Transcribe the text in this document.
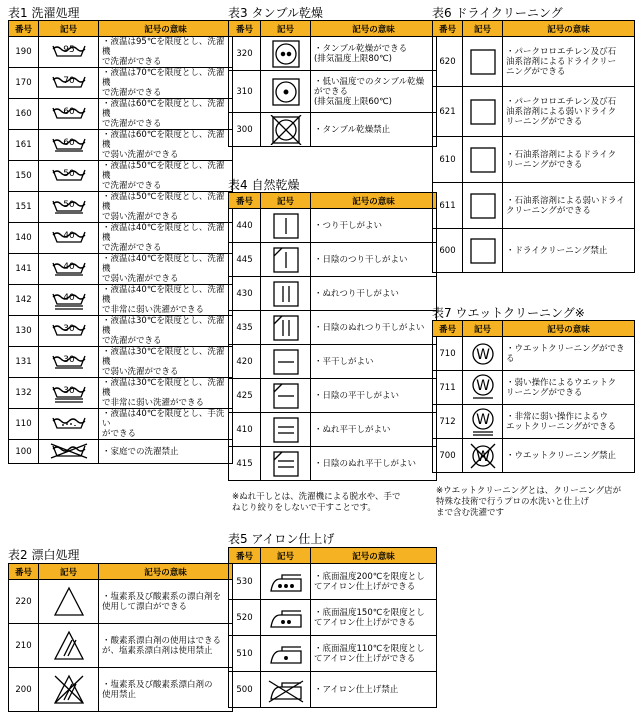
表1 洗濯処理
番号	記号	記号の意味
190	95	・液温は95℃を限度とし、洗濯機
で洗濯ができる

170	70	・液温は70℃を限度とし、洗濯機
で洗濯ができる

160	60	・液温は60℃を限度とし、洗濯機
で洗濯ができる

161	60	・液温は60℃を限度とし、洗濯機
で弱い洗濯ができる

150	50	・液温は50℃を限度とし、洗濯機
で洗濯ができる

151	50	・液温は50℃を限度とし、洗濯機
で弱い洗濯ができる

140	40	・液温は40℃を限度とし、洗濯機
で洗濯ができる

141	40	・液温は40℃を限度とし、洗濯機
で弱い洗濯ができる

142	40	・液温は40℃を限度とし、洗濯機
で非常に弱い洗濯ができる

130	30	・液温は30℃を限度とし、洗濯機
で洗濯ができる

131	30	・液温は30℃を限度とし、洗濯機
で弱い洗濯ができる

132	30	・液温は30℃を限度とし、洗濯機
で非常に弱い洗濯ができる

110		・液温は40℃を限度とし、手洗い
ができる

100		・家庭での洗濯禁止
表2 漂白処理
番号	記号	記号の意味
220		・塩素系及び酸素系の漂白剤を
使用して漂白ができる

210		・酸素系漂白剤の使用はできる
が、塩素系漂白剤は使用禁止

200		・塩素系及び酸素系漂白剤の
使用禁止
表3 タンブル乾燥
番号	記号	記号の意味
320		・タンブル乾燥ができる
(排気温度上限80℃)

310		・低い温度でのタンブル乾燥
ができる
(排気温度上限60℃)

300		・タンブル乾燥禁止
表4 自然乾燥
番号	記号	記号の意味
440		・つり干しがよい

445		・日陰のつり干しがよい

430		・ぬれつり干しがよい

435		・日陰のぬれつり干しがよい

420		・平干しがよい

425		・日陰の平干しがよい

410		・ぬれ平干しがよい

415		・日陰のぬれ平干しがよい
※ぬれ干しとは、洗濯機による脱水や、手で
ねじり絞りをしないで干すことです。
表5 アイロン仕上げ
番号	記号	記号の意味
530		・底面温度200℃を限度とし
てアイロン仕上げができる

520		・底面温度150℃を限度とし
てアイロン仕上げができる

510		・底面温度110℃を限度とし
てアイロン仕上げができる

500		・アイロン仕上げ禁止
表6 ドライクリーニング
番号	記号	記号の意味
620		・パークロロエチレン及び石
油系溶剤によるドライクリー
ニングができる

621		・パークロロエチレン及び石
油系溶剤による弱いドライク
リーニングができる

610		・石油系溶剤によるドライク
リーニングができる

611		・石油系溶剤による弱いドライ
クリーニングができる

600		・ドライクリーニング禁止
表7 ウエットクリーニング※
番号	記号	記号の意味
710	W	・ウエットクリーニングができ
る

711	W	・弱い操作によるウエットク
リーニングができる

712	W	・非常に弱い操作によるウ
エットクリーニングができる

700	W	・ウエットクリーニング禁止
※ウエットクリーニングとは、クリーニング店が
特殊な技術で行うプロの水洗いと仕上げ
まで含む洗濯です
